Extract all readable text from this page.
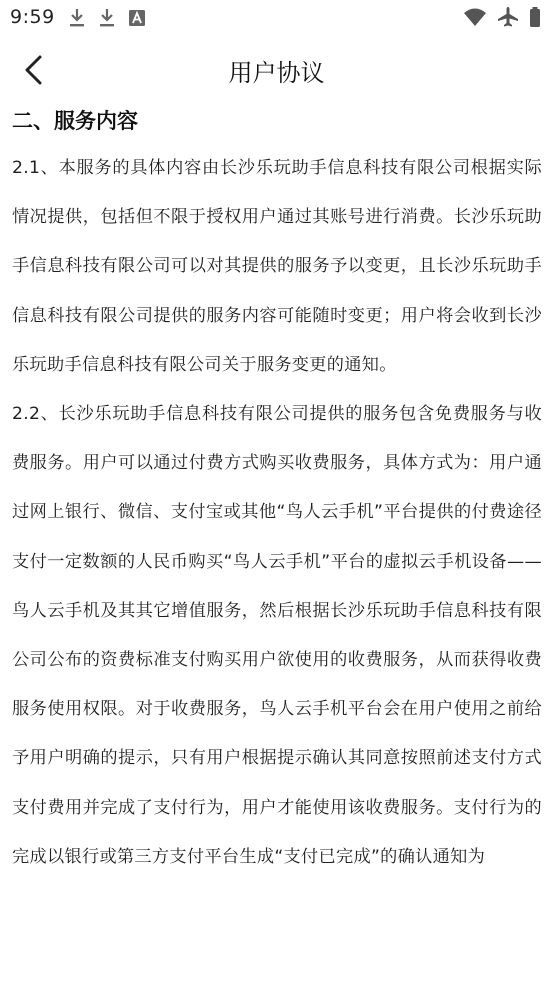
9:59
用户协议
二、服务内容

2.1、本服务的具体内容由长沙乐玩助手信息科技有限公司根据实际情况提供，包括但不限于授权用户通过其账号进行消费。长沙乐玩助手信息科技有限公司可以对其提供的服务予以变更，且长沙乐玩助手信息科技有限公司提供的服务内容可能随时变更；用户将会收到长沙乐玩助手信息科技有限公司关于服务变更的通知。

2.2、长沙乐玩助手信息科技有限公司提供的服务包含免费服务与收费服务。用户可以通过付费方式购买收费服务，具体方式为：用户通过网上银行、微信、支付宝或其他“鸟人云手机”平台提供的付费途径支付一定数额的人民币购买“鸟人云手机”平台的虚拟云手机设备——鸟人云手机及其其它增值服务，然后根据长沙乐玩助手信息科技有限公司公布的资费标准支付购买用户欲使用的收费服务，从而获得收费服务使用权限。对于收费服务，鸟人云手机平台会在用户使用之前给予用户明确的提示，只有用户根据提示确认其同意按照前述支付方式支付费用并完成了支付行为，用户才能使用该收费服务。支付行为的完成以银行或第三方支付平台生成“支付已完成”的确认通知为
